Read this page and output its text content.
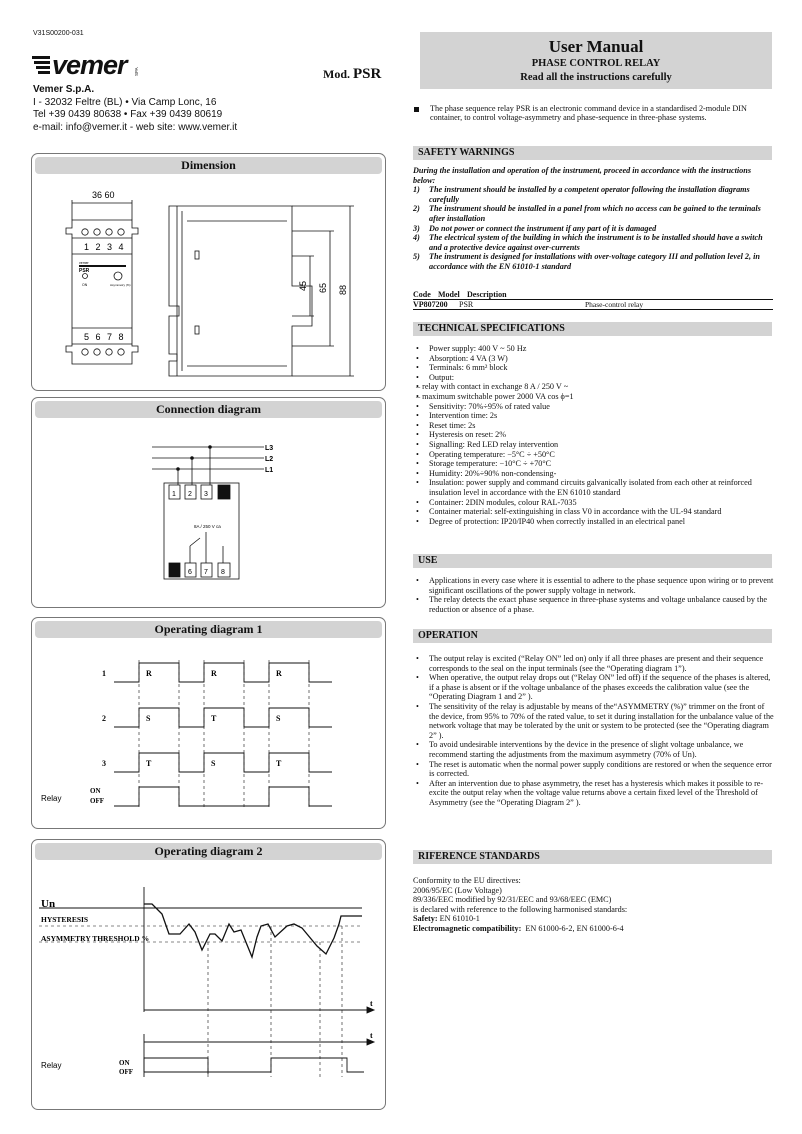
V31S00200-031
vemer	SPA	Mod. PSR
Vemer S.p.A.
I - 32032 Feltre (BL) • Via Camp Lonc, 16
Tel +39 0439 80638 • Fax +39 0439 80619
e-mail: info@vemer.it - web site: www.vemer.it
User Manual
PHASE CONTROL RELAY
Read all the instructions carefully
The phase sequence relay PSR is an electronic command device in a standardised 2-module DIN container, to control voltage-asymmetry and phase-sequence in three-phase systems.
Dimension
36 60
1 2 3 4
5 6 7 8
vemer
PSR
ON	Asymmetry (%)	45 65 88
Connection diagram
L3
L2
L1
1 2 3
6 7 8
8A / 250 V ca
Operating diagram 1
1
2
3
R	R	R
S	T	S
T	S	T
Relay
ON
OFF
Operating diagram 2
Un
HYSTERESIS
ASYMMETRY THRESHOLD %
t
t
Relay	ON
OFF
SAFETY WARNINGS
During the installation and operation of the instrument, proceed in accordance with the instructions below:
1) The instrument should be installed by a competent operator following the installation diagrams carefully
2) The instrument should be installed in a panel from which no access can be gained to the terminals after installation
3) Do not power or connect the instrument if any part of it is damaged
4) The electrical system of the building in which the instrument is to be installed should have a switch and a protective device against over-currents
5) The instrument is designed for installations with over-voltage category III and pollution level 2, in accordance with the EN 61010-1 standard
Code Model Description
VP807200 PSR	Phase-control relay
TECHNICAL SPECIFICATIONS
• Power supply: 400 V ~ 50 Hz
• Absorption: 4 VA (3 W)
• Terminals: 6 mm² block
• Output:
• – relay with contact in exchange 8 A / 250 V ~
• – maximum switchable power 2000 VA cos ϕ=1
• Sensitivity: 70%÷95% of rated value
• Intervention time: 2s
• Reset time: 2s
• Hysteresis on reset: 2%
• Signalling: Red LED relay intervention
• Operating temperature: −5°C ÷ +50°C
• Storage temperature: −10°C ÷ +70°C
• Humidity: 20%÷90% non-condensing-
• Insulation: power supply and command circuits galvanically isolated from each other at reinforced insulation level in accordance with the EN 61010 standard
• Container: 2DIN modules, colour RAL-7035
• Container material: self-extinguishing in class V0 in accordance with the UL-94 standard
• Degree of protection: IP20/IP40 when correctly installed in an electrical panel
USE
• Applications in every case where it is essential to adhere to the phase sequence upon wiring or to prevent significant oscillations of the power supply voltage in network.
• The relay detects the exact phase sequence in three-phase systems and voltage unbalance caused by the reduction or absence of a phase.
OPERATION
• The output relay is excited (“Relay ON” led on) only if all three phases are present and their sequence corresponds to the seal on the input terminals (see the “Operating diagram 1”).
• When operative, the output relay drops out (“Relay ON” led off) if the sequence of the phases is altered, if a phase is absent or if the voltage unbalance of the phases exceeds the calibration value (see the “Operating Diagram 1 and 2” ).
• The sensitivity of the relay is adjustable by means of the“ASYMMETRY (%)” trimmer on the front of the device, from 95% to 70% of the rated value, to set it during installation for the unbalance value of the network voltage that may be tolerated by the unit or system to be protected (see the “Operating diagram 2” ).
• To avoid undesirable interventions by the device in the presence of slight voltage unbalance, we recommend starting the adjustments from the maximum asymmetry (70% of Un).
• The reset is automatic when the normal power supply conditions are restored or when the sequence error is corrected.
• After an intervention due to phase asymmetry, the reset has a hysteresis which makes it possible to re-excite the output relay when the voltage value returns above a certain fixed level of the Threshold of Asymmetry (see the “Operating Diagram 2” ).
RIFERENCE STANDARDS
Conformity to the EU directives:
2006/95/EC (Low Voltage)
89/336/EEC modified by 92/31/EEC and 93/68/EEC (EMC)
is declared with reference to the following harmonised standards:
Safety: EN 61010-1
Electromagnetic compatibility: EN 61000-6-2, EN 61000-6-4
